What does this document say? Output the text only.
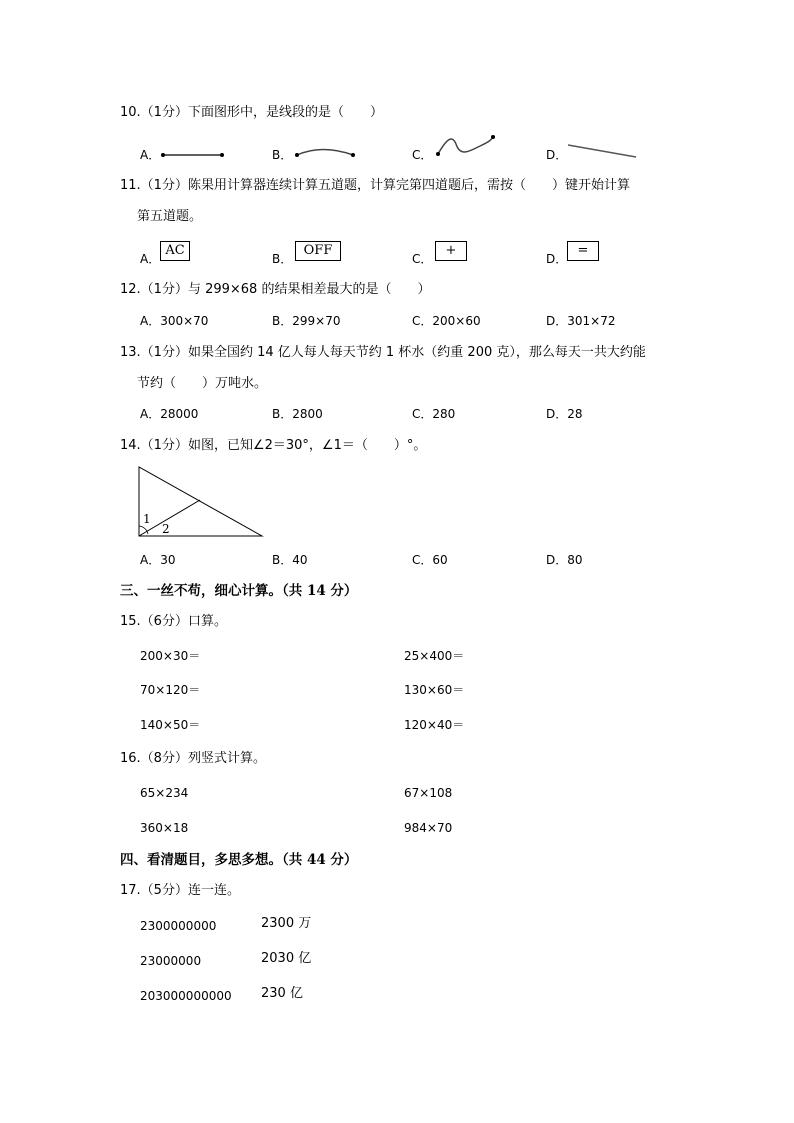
10.（1分）下面图形中，是线段的是（　　）
A．	B．	C．	D．
11.（1分）陈果用计算器连续计算五道题，计算完第四道题后，需按（　　）键开始计算
第五道题。
A．
AC
B．
OFF
C．
+
D．
=
12.（1分）与 299×68 的结果相差最大的是（　　）
A．300×70	B．299×70	C．200×60	D．301×72
13.（1分）如果全国约 14 亿人每人每天节约 1 杯水（约重 200 克），那么每天一共大约能
节约（　　）万吨水。
A．28000	B．2800	C．280	D．28
14.（1分）如图，已知∠2＝30°，∠1＝（　　）°。
1
2
A．30	B．40	C．60	D．80
三、一丝不苟，细心计算。（共 14 分）
15.（6分）口算。
200×30＝	25×400＝
70×120＝	130×60＝
140×50＝	120×40＝
16.（8分）列竖式计算。
65×234	67×108
360×18	984×70
四、看清题目，多思多想。（共 44 分）
17.（5分）连一连。
2300000000	2300 万
23000000	2030 亿
203000000000 230 亿
